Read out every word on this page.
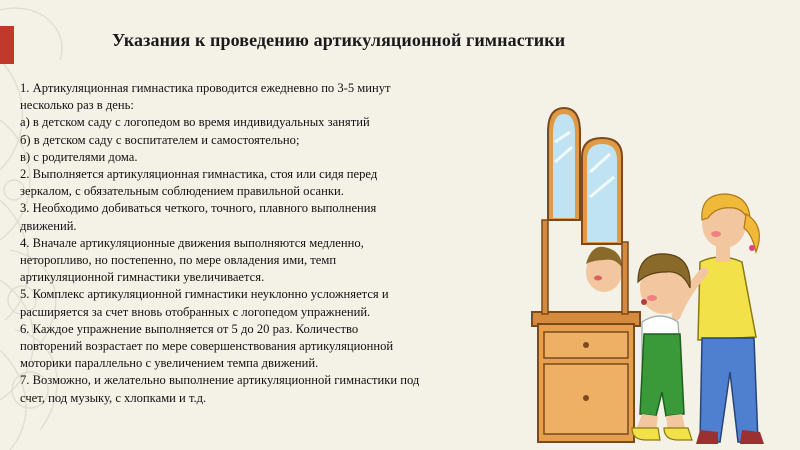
Указания к проведению артикуляционной гимнастики
1. Артикуляционная гимнастика проводится ежедневно по 3-5 минут
несколько раз в день:
а) в детском саду с логопедом во время индивидуальных занятий
б) в детском саду с воспитателем и самостоятельно;
в) с родителями дома.
2. Выполняется артикуляционная гимнастика, стоя или сидя перед
зеркалом, с обязательным соблюдением правильной осанки.
3. Необходимо добиваться четкого, точного, плавного выполнения
движений.
4. Вначале артикуляционные движения выполняются медленно,
неторопливо, но постепенно, по мере овладения ими, темп
артикуляционной гимнастики увеличивается.
5. Комплекс артикуляционной гимнастики неуклонно усложняется и
расширяется за счет вновь отобранных с логопедом упражнений.
6. Каждое упражнение выполняется от 5 до 20 раз. Количество
повторений возрастает по мере совершенствования артикуляционной
моторики параллельно с увеличением темпа движений.
7. Возможно, и желательно выполнение артикуляционной гимнастики под
счет, под музыку, с хлопками и т.д.
